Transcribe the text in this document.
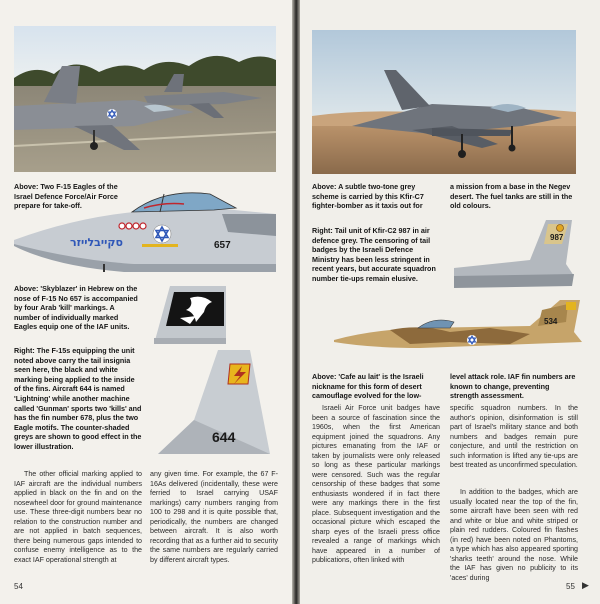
Above: Two F-15 Eagles of the Israel Defence Force/Air Force prepare for take-off.
657
סקייבלייזר
Above: 'Skyblazer' in Hebrew on the nose of F-15 No 657 is accompanied by four Arab 'kill' markings. A number of individually marked Eagles equip one of the IAF units.
Right: The F-15s equipping the unit noted above carry the tail insignia seen here, the black and white marking being applied to the inside of the fins. Aircraft 644 is named 'Lightning' while another machine called 'Gunman' sports two 'kills' and has the fin number 678, plus the two Eagle motifs. The counter-shaded greys are shown to good effect in the lower illustration.
644
The other official marking applied to IAF aircraft are the individual numbers applied in black on the fin and on the nosewheel door for ground maintenance use. These three-digit numbers bear no relation to the construction number and are not applied in batch sequences, there being numerous gaps intended to confuse enemy intelligence as to the exact IAF operational strength at
any given time. For example, the 67 F-16As delivered (incidentally, these were ferried to Israel carrying USAF markings) carry numbers ranging from 100 to 298 and it is quite possible that, periodically, the numbers are changed between aircraft. It is also worth recording that as a further aid to security the same numbers are regularly carried by different aircraft types.
54
Above: A subtle two-tone grey scheme is carried by this Kfir-C7 fighter-bomber as it taxis out for
a mission from a base in the Negev desert. The fuel tanks are still in the old colours.
Right: Tail unit of Kfir-C2 987 in air defence grey. The censoring of tail badges by the Israeli Defence Ministry has been less stringent in recent years, but accurate squadron number tie-ups remain elusive.
987
534
Above: 'Cafe au lait' is the Israeli nickname for this form of desert camouflage evolved for the low-
level attack role. IAF fin numbers are known to change, preventing strength assessment.
Israeli Air Force unit badges have been a source of fascination since the 1960s, when the first American equipment joined the squadrons. Any pictures emanating from the IAF or taken by journalists were only released so long as these particular markings were censored. Such was the regular censorship of these badges that some enthusiasts wondered if in fact there were any markings there in the first place. Subsequent investigation and the occasional picture which escaped the sharp eyes of the Israeli press office revealed a range of markings which have appeared in a number of publications, often linked with
specific squadron numbers. In the author's opinion, disinformation is still part of Israel's military stance and both numbers and badges remain pure conjecture, and until the restriction on such information is lifted any tie-ups are best treated as unconfirmed speculation.
In addition to the badges, which are usually located near the top of the fin, some aircraft have been seen with red and white or blue and white striped or plain red rudders. Coloured fin flashes (in red) have been noted on Phantoms, a type which has also appeared sporting 'sharks teeth' around the nose. While the IAF has given no publicity to its 'aces' during
55 ▶
